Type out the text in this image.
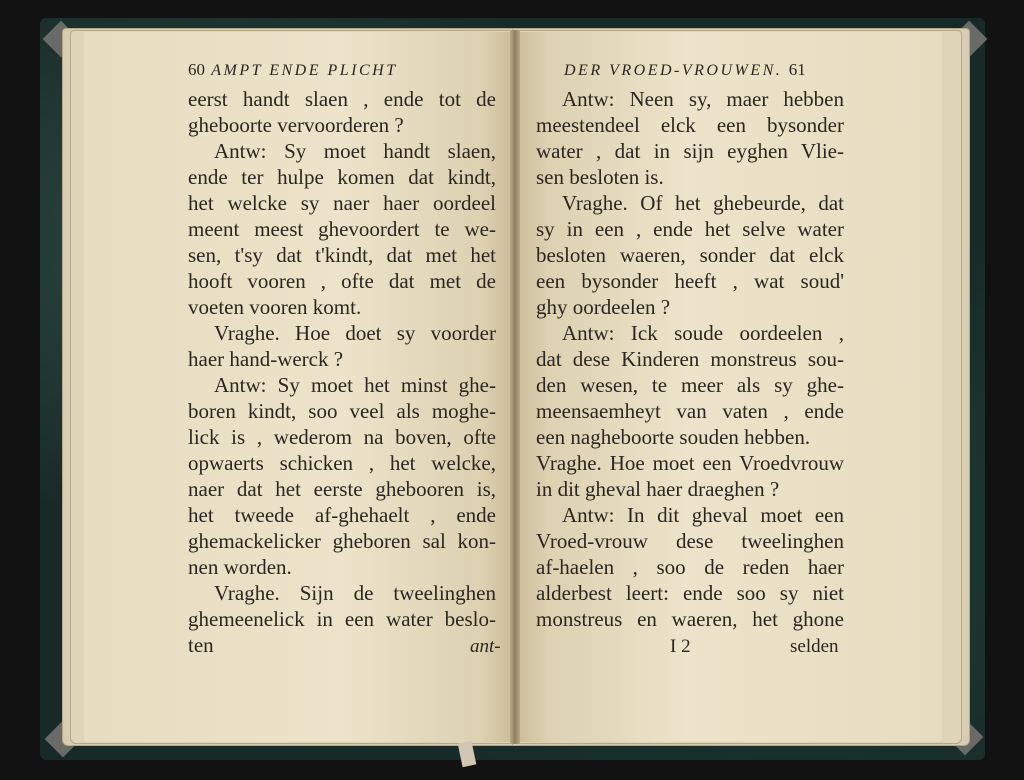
60 AMPT ENDE PLICHT
eerst handt slaen , ende tot de
gheboorte vervoorderen ?
Antw: Sy moet handt slaen,
ende ter hulpe komen dat kindt,
het welcke sy naer haer oordeel
meent meest ghevoordert te we-
sen, t'sy dat t'kindt, dat met het
hooft vooren , ofte dat met de
voeten vooren komt.
Vraghe. Hoe doet sy voorder
haer hand-werck ?
Antw: Sy moet het minst ghe-
boren kindt, soo veel als moghe-
lick is , wederom na boven, ofte
opwaerts schicken , het welcke,
naer dat het eerste ghebooren is,
het tweede af-ghehaelt , ende
ghemackelicker gheboren sal kon-
nen worden.
Vraghe. Sijn de tweelinghen
ghemeenelick in een water beslo-
ten	ant-
DER VROED-VROUWEN. 61
Antw: Neen sy, maer hebben
meestendeel elck een bysonder
water , dat in sijn eyghen Vlie-
sen besloten is.
Vraghe. Of het ghebeurde, dat
sy in een , ende het selve water
besloten waeren, sonder dat elck
een bysonder heeft , wat soud'
ghy oordeelen ?
Antw: Ick soude oordeelen ,
dat dese Kinderen monstreus sou-
den wesen, te meer als sy ghe-
meensaemheyt van vaten , ende
een nagheboorte souden hebben.
Vraghe. Hoe moet een Vroedvrouw
in dit gheval haer draeghen ?
Antw: In dit gheval moet een
Vroed-vrouw dese tweelinghen
af-haelen , soo de reden haer
alderbest leert: ende soo sy niet
monstreus en waeren, het ghone
I 2	selden
